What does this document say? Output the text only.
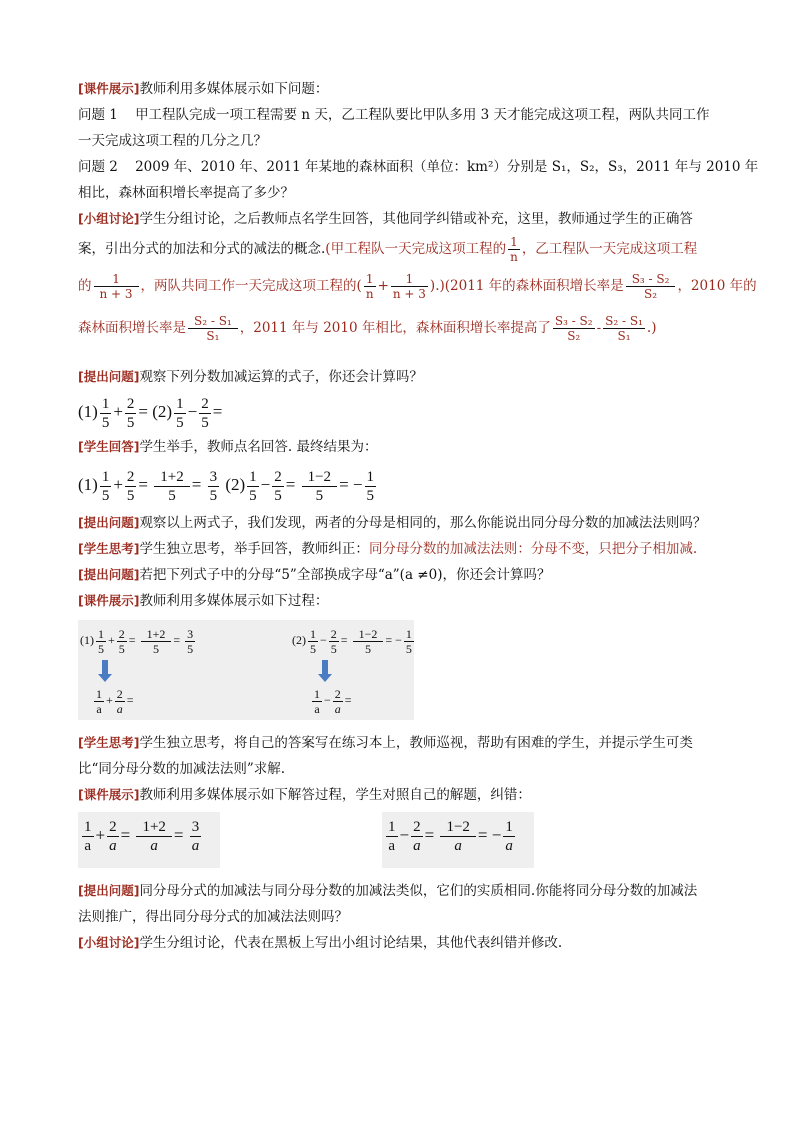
[课件展示]教师利用多媒体展示如下问题：
问题 1 甲工程队完成一项工程需要 n 天，乙工程队要比甲队多用 3 天才能完成这项工程，两队共同工作
一天完成这项工程的几分之几？
问题 2 2009 年、2010 年、2011 年某地的森林面积（单位：km²）分别是 S₁，S₂，S₃，2011 年与 2010 年
相比，森林面积增长率提高了多少？
[小组讨论]学生分组讨论，之后教师点名学生回答，其他同学纠错或补充，这里，教师通过学生的正确答
案，引出分式的加法和分式的减法的概念.(甲工程队一天完成这项工程的 $\frac{1}{n}$ ，乙工程队一天完成这项工程
的 $\frac{1}{n + 3}$ ，两队共同工作一天完成这项工程的( $\frac{1}{n} + \frac{1}{n + 3} ).)(2011$ 年的森林面积增长率是 $\frac{\text{S₃ - S₂}}{\text{S₂}}$ ，2010 年的
森林面积增长率是 $\frac{\text{S₂ - S₁}}{\text{S₁}}$ ，2011 年与 2010 年相比，森林面积增长率提高了 $\frac{\text{S₃ - S₂}}{\text{S₂}} - \frac{\text{S₂ - S₁}}{\text{S₁}}$ .)
[提出问题]观察下列分数加减运算的式子，你还会计算吗？
$(1) \frac{1}{5} + \frac{2}{5} = (2) \frac{1}{5} - \frac{2}{5}$ =
[学生回答]学生举手，教师点名回答. 最终结果为：
$(1) \frac{1}{5} + \frac{2}{5} = \frac{1+2}{5} = \frac{3}{5} (2) \frac{1}{5} - \frac{2}{5} = \frac{1-2}{5}$ = − $\frac{1}{5}$
[提出问题]观察以上两式子，我们发现，两者的分母是相同的，那么你能说出同分母分数的加减法法则吗？
[学生思考]学生独立思考，举手回答，教师纠正：同分母分数的加减法法则：分母不变，只把分子相加减.
[提出问题]若把下列式子中的分母“5”全部换成字母“a”(a ≠0)，你还会计算吗？
[课件展示]教师利用多媒体展示如下过程：
$(1) \frac{1}{5} + \frac{2}{5} = \frac{1+2}{5} = \frac{3}{5}$
$\frac{1}{a} + \frac{2}{a}$ =
$(2) \frac{1}{5} - \frac{2}{5} = \frac{1-2}{5}$ = − $\frac{1}{5}$
$\frac{1}{a} - \frac{2}{a}$ =
[学生思考]学生独立思考，将自己的答案写在练习本上，教师巡视，帮助有困难的学生，并提示学生可类
比“同分母分数的加减法法则”求解.
[课件展示]教师利用多媒体展示如下解答过程，学生对照自己的解题，纠错：
$\frac{1}{a} + \frac{2}{a} = \frac{1+2}{a} = \frac{3}{a}$	$\frac{1}{a} - \frac{2}{a} = \frac{1-2}{a}$ = − $\frac{1}{a}$
[提出问题]同分母分式的加减法与同分母分数的加减法类似，它们的实质相同.你能将同分母分数的加减法
法则推广，得出同分母分式的加减法法则吗？
[小组讨论]学生分组讨论，代表在黑板上写出小组讨论结果，其他代表纠错并修改.
